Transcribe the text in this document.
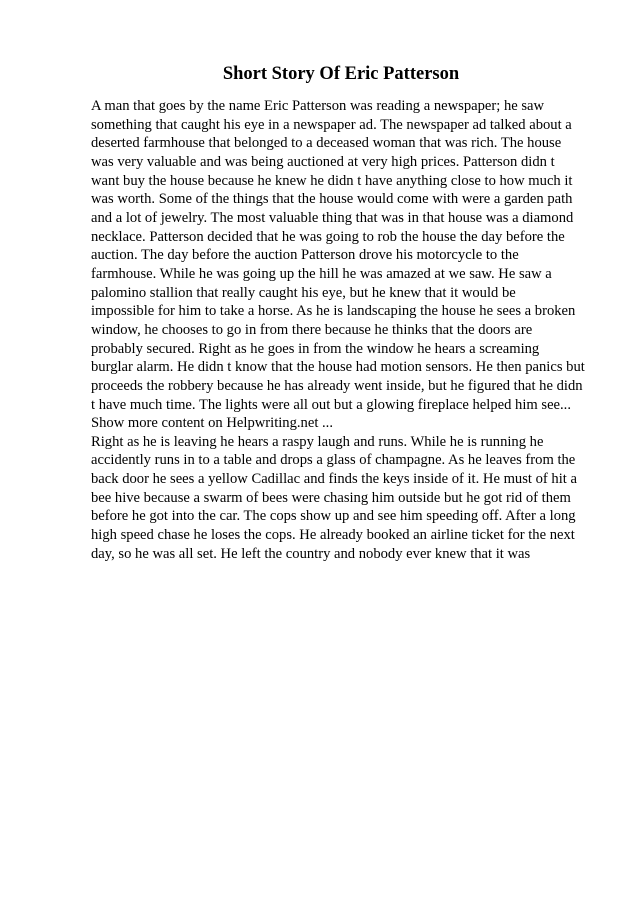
Short Story Of Eric Patterson
A man that goes by the name Eric Patterson was reading a newspaper; he saw
something that caught his eye in a newspaper ad. The newspaper ad talked about a
deserted farmhouse that belonged to a deceased woman that was rich. The house
was very valuable and was being auctioned at very high prices. Patterson didn t
want buy the house because he knew he didn t have anything close to how much it
was worth. Some of the things that the house would come with were a garden path
and a lot of jewelry. The most valuable thing that was in that house was a diamond
necklace. Patterson decided that he was going to rob the house the day before the
auction. The day before the auction Patterson drove his motorcycle to the
farmhouse. While he was going up the hill he was amazed at we saw. He saw a
palomino stallion that really caught his eye, but he knew that it would be
impossible for him to take a horse. As he is landscaping the house he sees a broken
window, he chooses to go in from there because he thinks that the doors are
probably secured. Right as he goes in from the window he hears a screaming
burglar alarm. He didn t know that the house had motion sensors. He then panics but
proceeds the robbery because he has already went inside, but he figured that he didn
t have much time. The lights were all out but a glowing fireplace helped him see...
Show more content on Helpwriting.net ...
Right as he is leaving he hears a raspy laugh and runs. While he is running he
accidently runs in to a table and drops a glass of champagne. As he leaves from the
back door he sees a yellow Cadillac and finds the keys inside of it. He must of hit a
bee hive because a swarm of bees were chasing him outside but he got rid of them
before he got into the car. The cops show up and see him speeding off. After a long
high speed chase he loses the cops. He already booked an airline ticket for the next
day, so he was all set. He left the country and nobody ever knew that it was
